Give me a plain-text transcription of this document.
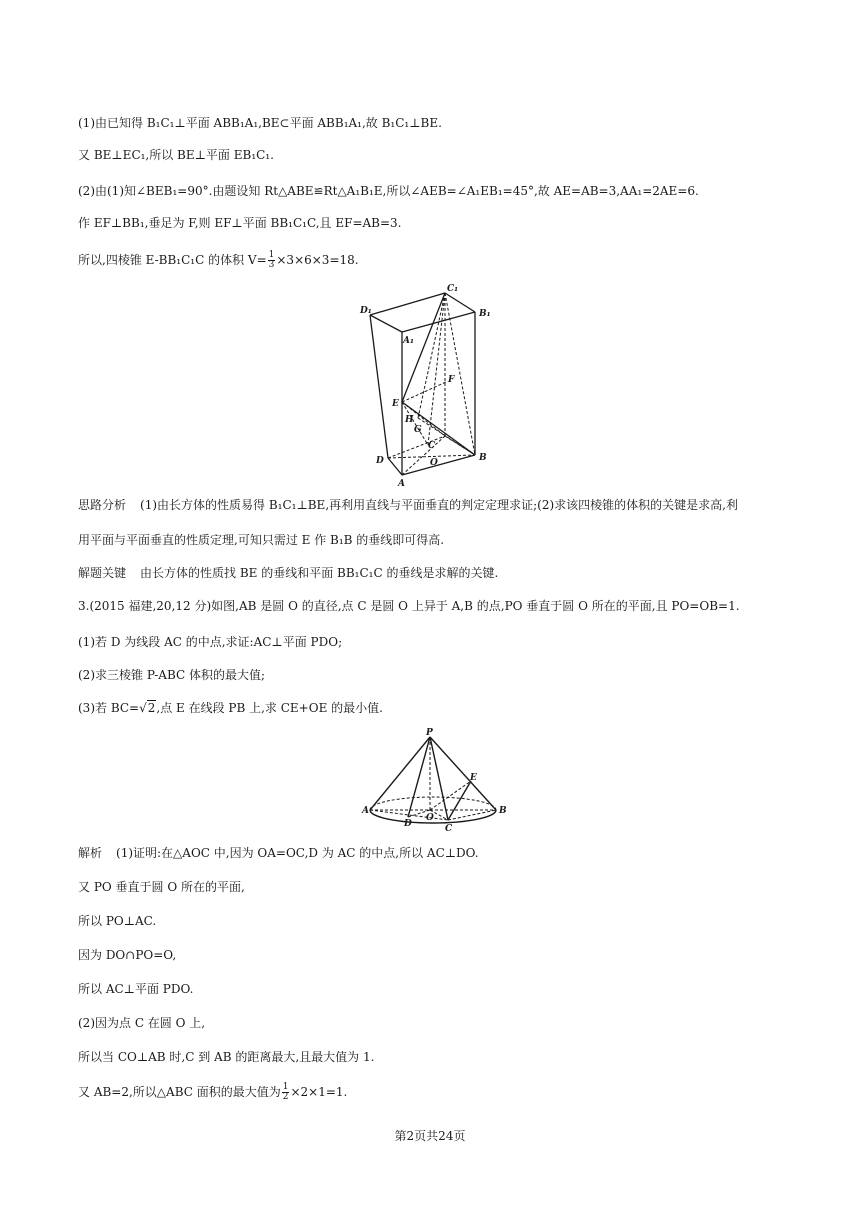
(1)由已知得 B₁C₁⊥平面 ABB₁A₁,BE⊂平面 ABB₁A₁,故 B₁C₁⊥BE.
又 BE⊥EC₁,所以 BE⊥平面 EB₁C₁.
(2)由(1)知∠BEB₁=90°.由题设知 Rt△ABE≌Rt△A₁B₁E,所以∠AEB=∠A₁EB₁=45°,故 AE=AB=3,AA₁=2AE=6.
作 EF⊥BB₁,垂足为 F,则 EF⊥平面 BB₁C₁C,且 EF=AB=3.
所以,四棱锥 E-BB₁C₁C 的体积 $V= \frac{1}{3} \times 3\times 6\times 3=18$.
C₁
D₁	B₁
A₁
F
E
H
G
C
O
D	B
A
P
E
A	B
D
O
C
思路分析 (1)由长方体的性质易得 B₁C₁⊥BE,再利用直线与平面垂直的判定定理求证;(2)求该四棱锥的体积的关键是求高,利
用平面与平面垂直的性质定理,可知只需过 E 作 B₁B 的垂线即可得高.
解题关键 由长方体的性质找 BE 的垂线和平面 BB₁C₁C 的垂线是求解的关键.
3.(2015 福建,20,12 分)如图,AB 是圆 O 的直径,点 C 是圆 O 上异于 A,B 的点,PO 垂直于圆 O 所在的平面,且 PO=OB=1.
(1)若 D 为线段 AC 的中点,求证:AC⊥平面 PDO;
(2)求三棱锥 P-ABC 体积的最大值;
(3)若 BC=√2,点 E 在线段 PB 上,求 CE+OE 的最小值.
解析 (1)证明:在△AOC 中,因为 OA=OC,D 为 AC 的中点,所以 AC⊥DO.
又 PO 垂直于圆 O 所在的平面,
所以 PO⊥AC.
因为 DO∩PO=O,
所以 AC⊥平面 PDO.
(2)因为点 C 在圆 O 上,
所以当 CO⊥AB 时,C 到 AB 的距离最大,且最大值为 1.
又 AB=2,所以△ABC 面积的最大值为 $\frac{1}{2} \times 2\times 1=1$.
第2页共24页
